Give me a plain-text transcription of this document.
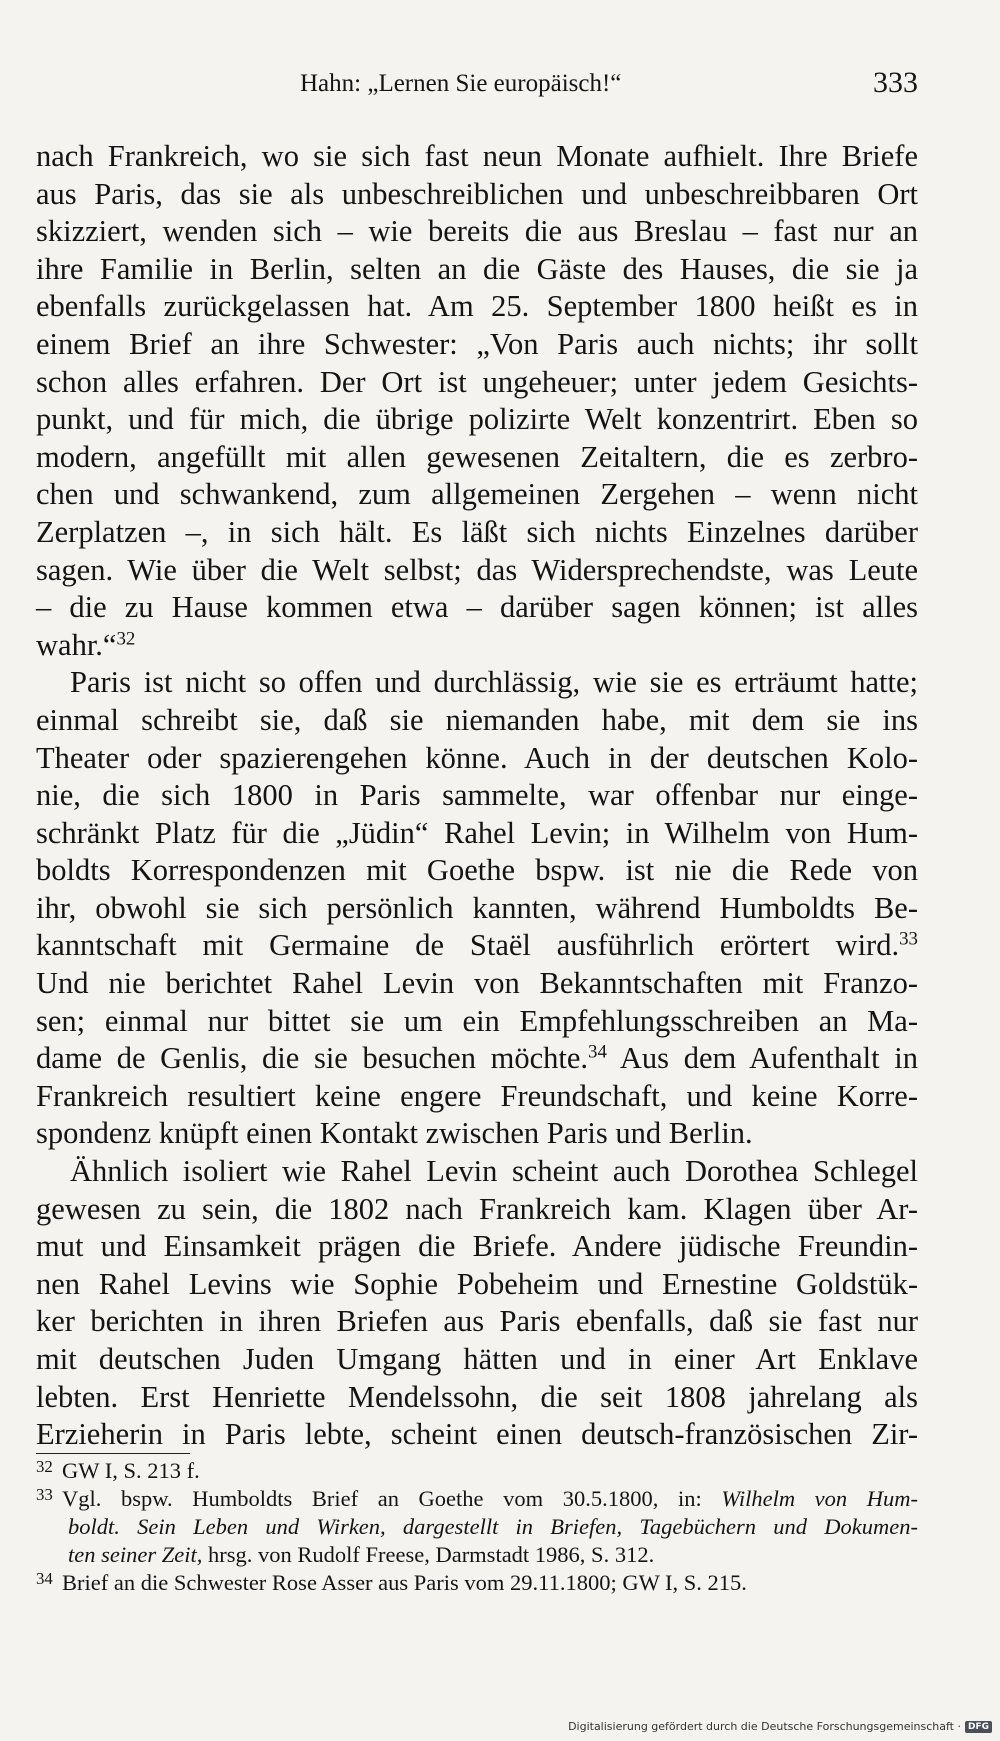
Hahn: „Lernen Sie europäisch!“	333
nach Frankreich, wo sie sich fast neun Monate aufhielt. Ihre Briefe
aus Paris, das sie als unbeschreiblichen und unbeschreibbaren Ort
skizziert, wenden sich – wie bereits die aus Breslau – fast nur an
ihre Familie in Berlin, selten an die Gäste des Hauses, die sie ja
ebenfalls zurückgelassen hat. Am 25. September 1800 heißt es in
einem Brief an ihre Schwester: „Von Paris auch nichts; ihr sollt
schon alles erfahren. Der Ort ist ungeheuer; unter jedem Gesichts-
punkt, und für mich, die übrige polizirte Welt konzentrirt. Eben so
modern, angefüllt mit allen gewesenen Zeitaltern, die es zerbro-
chen und schwankend, zum allgemeinen Zergehen – wenn nicht
Zerplatzen –, in sich hält. Es läßt sich nichts Einzelnes darüber
sagen. Wie über die Welt selbst; das Widersprechendste, was Leute
– die zu Hause kommen etwa – darüber sagen können; ist alles
wahr.“$^{32}$
Paris ist nicht so offen und durchlässig, wie sie es erträumt hatte;
einmal schreibt sie, daß sie niemanden habe, mit dem sie ins
Theater oder spazierengehen könne. Auch in der deutschen Kolo-
nie, die sich 1800 in Paris sammelte, war offenbar nur einge-
schränkt Platz für die „Jüdin“ Rahel Levin; in Wilhelm von Hum-
boldts Korrespondenzen mit Goethe bspw. ist nie die Rede von
ihr, obwohl sie sich persönlich kannten, während Humboldts Be-
kanntschaft mit Germaine de Staël ausführlich erörtert wird.$^{33}$
Und nie berichtet Rahel Levin von Bekanntschaften mit Franzo-
sen; einmal nur bittet sie um ein Empfehlungsschreiben an Ma-
dame de Genlis, die sie besuchen möchte.$^{34}$ Aus dem Aufenthalt in
Frankreich resultiert keine engere Freundschaft, und keine Korre-
spondenz knüpft einen Kontakt zwischen Paris und Berlin.
Ähnlich isoliert wie Rahel Levin scheint auch Dorothea Schlegel
gewesen zu sein, die 1802 nach Frankreich kam. Klagen über Ar-
mut und Einsamkeit prägen die Briefe. Andere jüdische Freundin-
nen Rahel Levins wie Sophie Pobeheim und Ernestine Goldstük-
ker berichten in ihren Briefen aus Paris ebenfalls, daß sie fast nur
mit deutschen Juden Umgang hätten und in einer Art Enklave
lebten. Erst Henriette Mendelssohn, die seit 1808 jahrelang als
Erzieherin in Paris lebte, scheint einen deutsch-französischen Zir-
32 GW I, S. 213 f.
33 Vgl. bspw. Humboldts Brief an Goethe vom 30.5.1800, in: Wilhelm von Hum-
boldt. Sein Leben und Wirken, dargestellt in Briefen, Tagebüchern und Dokumen-
ten seiner Zeit, hrsg. von Rudolf Freese, Darmstadt 1986, S. 312.
34 Brief an die Schwester Rose Asser aus Paris vom 29.11.1800; GW I, S. 215.
Digitalisierung gefördert durch die Deutsche Forschungsgemeinschaft · DFG
